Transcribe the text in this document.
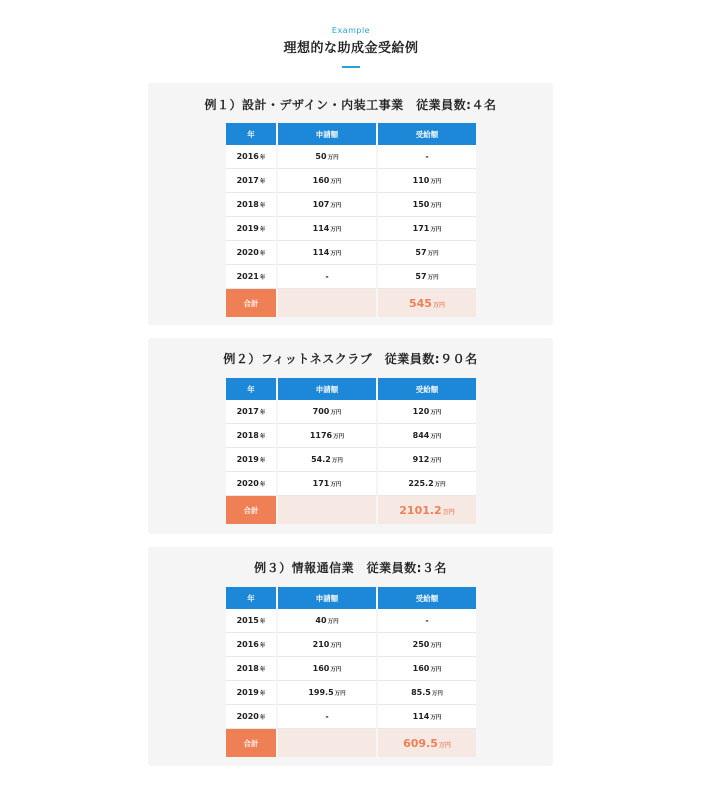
Example
理想的な助成金受給例
例１）設計・デザイン・内装工事業　従業員数:４名
年	申請額	受給額
2016年	50万円	-
2017年	160万円	110万円
2018年	107万円	150万円
2019年	114万円	171万円
2020年	114万円	57万円
2021年	-	57万円
合計		545万円
例２）フィットネスクラブ　従業員数:９０名
年	申請額	受給額
2017年	700万円	120万円
2018年	1176万円	844万円
2019年	54.2万円	912万円
2020年	171万円	225.2万円
合計		2101.2万円
例３）情報通信業　従業員数:３名
年	申請額	受給額
2015年	40万円	-
2016年	210万円	250万円
2018年	160万円	160万円
2019年	199.5万円	85.5万円
2020年	-	114万円
合計		609.5万円
